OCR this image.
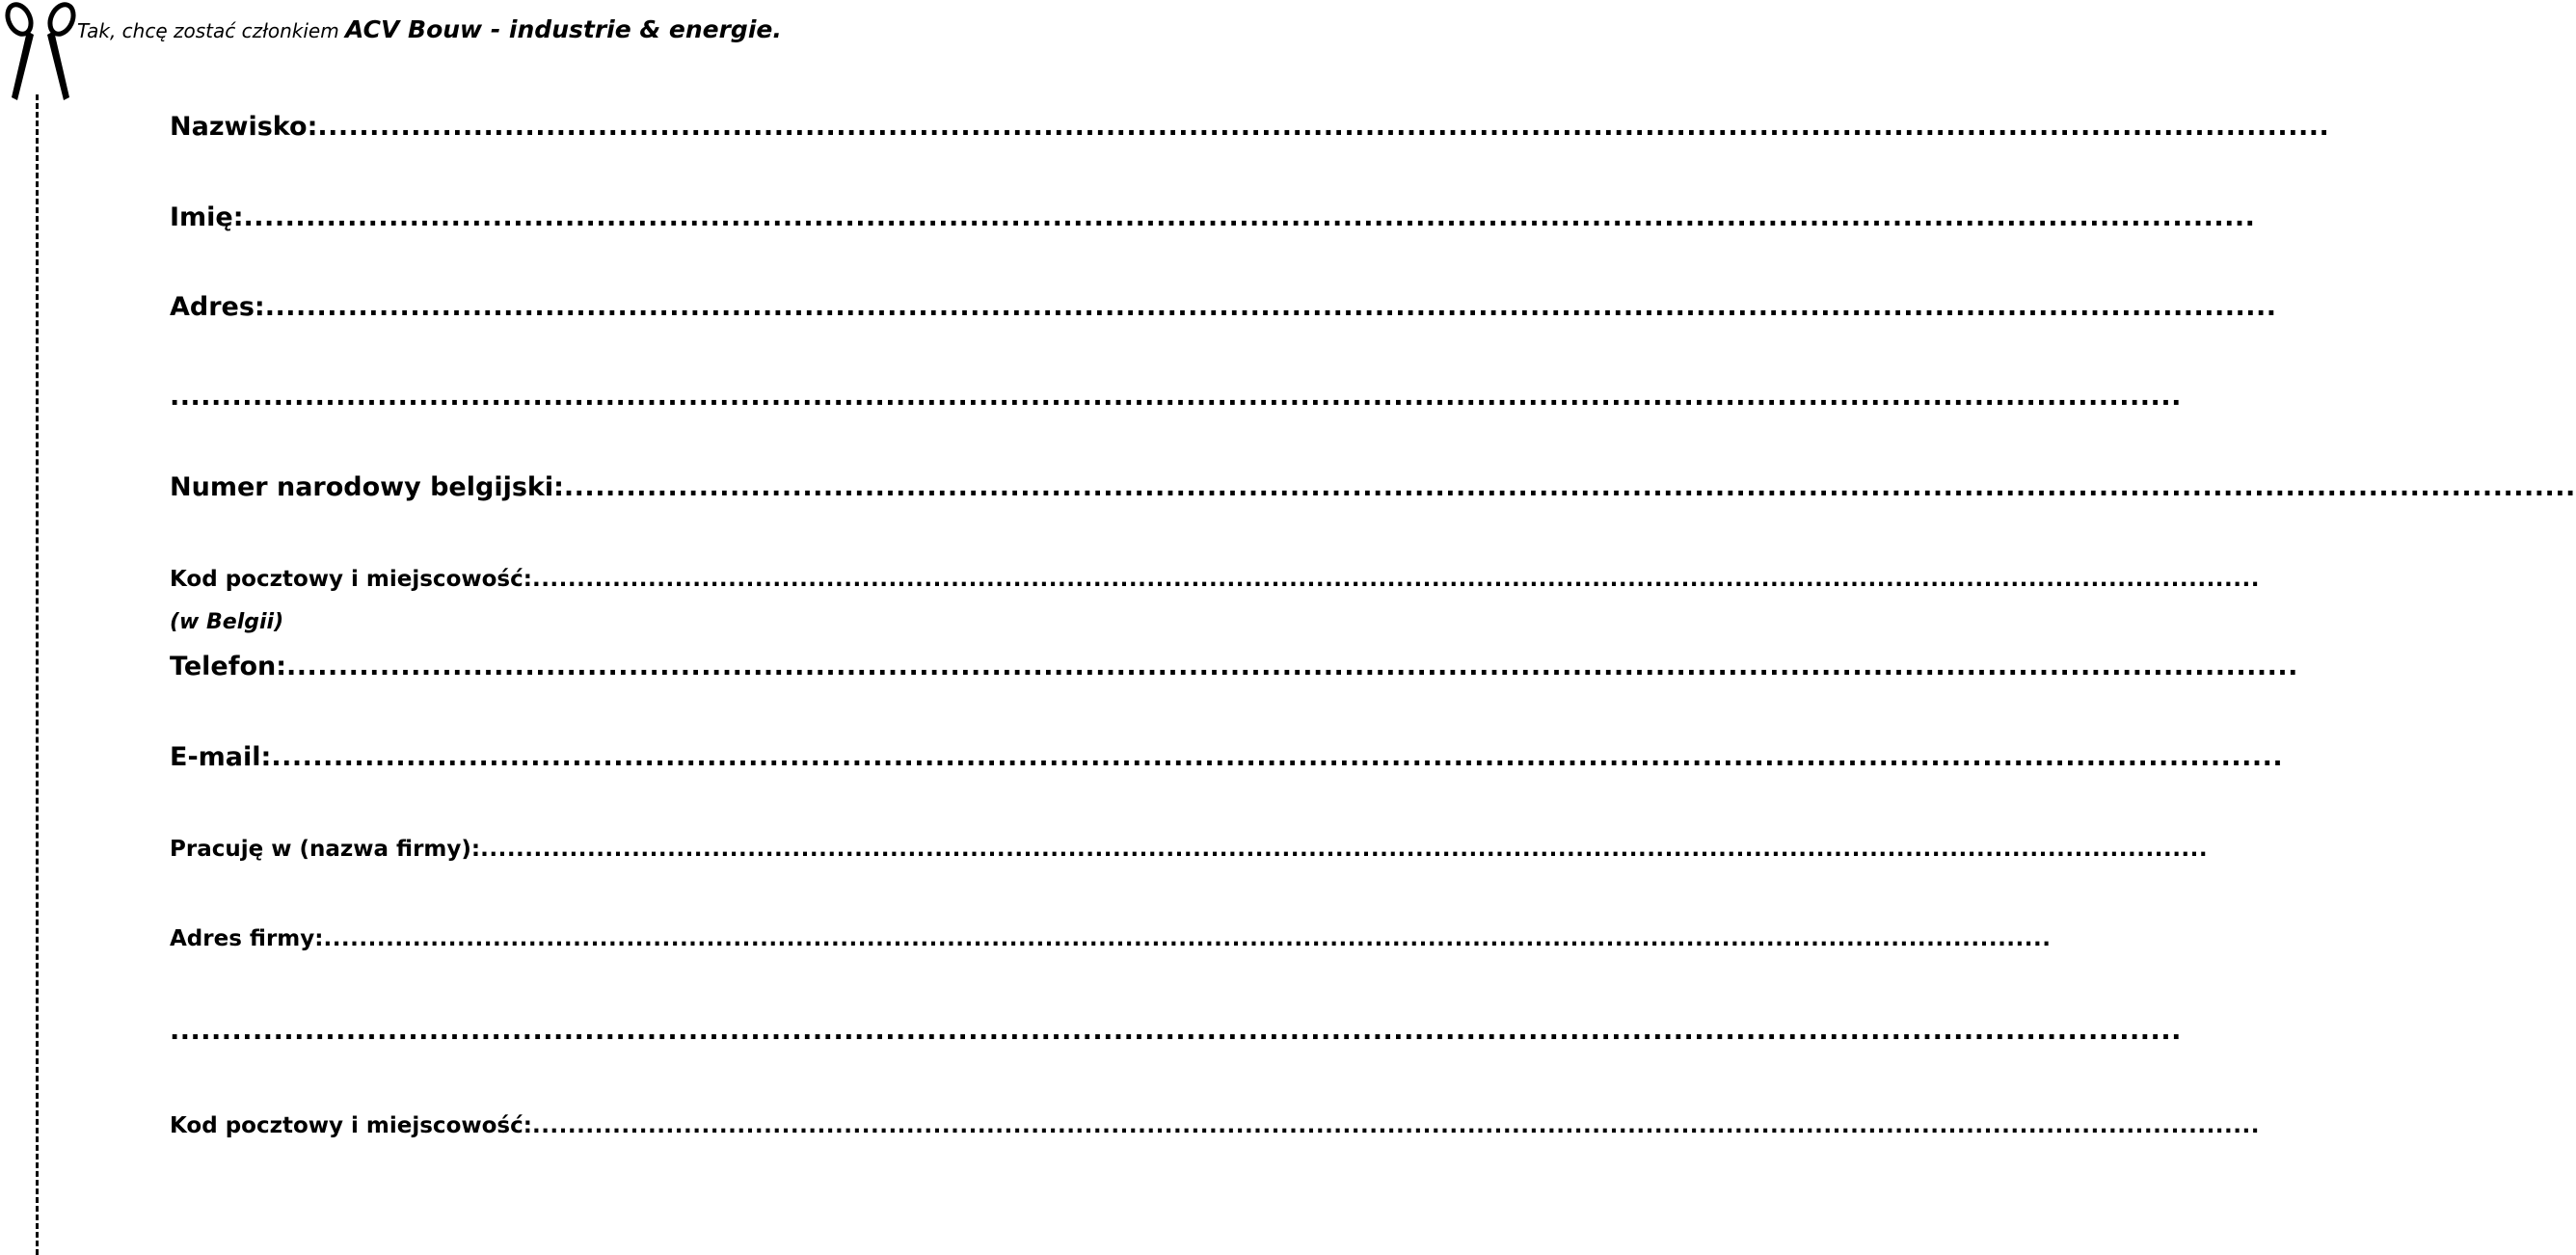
Tak, chcę zostać członkiem ACV Bouw - industrie & energie.
Nazwisko: ..................................................................................................................................................................................................
Imię: ..................................................................................................................................................................................................
Adres: ..................................................................................................................................................................................................
..................................................................................................................................................................................................
Numer narodowy belgijski: ..................................................................................................................................................................................................
Kod pocztowy i miejscowość: ..................................................................................................................................................................................................
(w Belgii)
Telefon: ..................................................................................................................................................................................................
E-mail: ..................................................................................................................................................................................................
Pracuję w (nazwa firmy): ..................................................................................................................................................................................................
Adres firmy: ..................................................................................................................................................................................................
..................................................................................................................................................................................................
Kod pocztowy i miejscowość: ..................................................................................................................................................................................................
